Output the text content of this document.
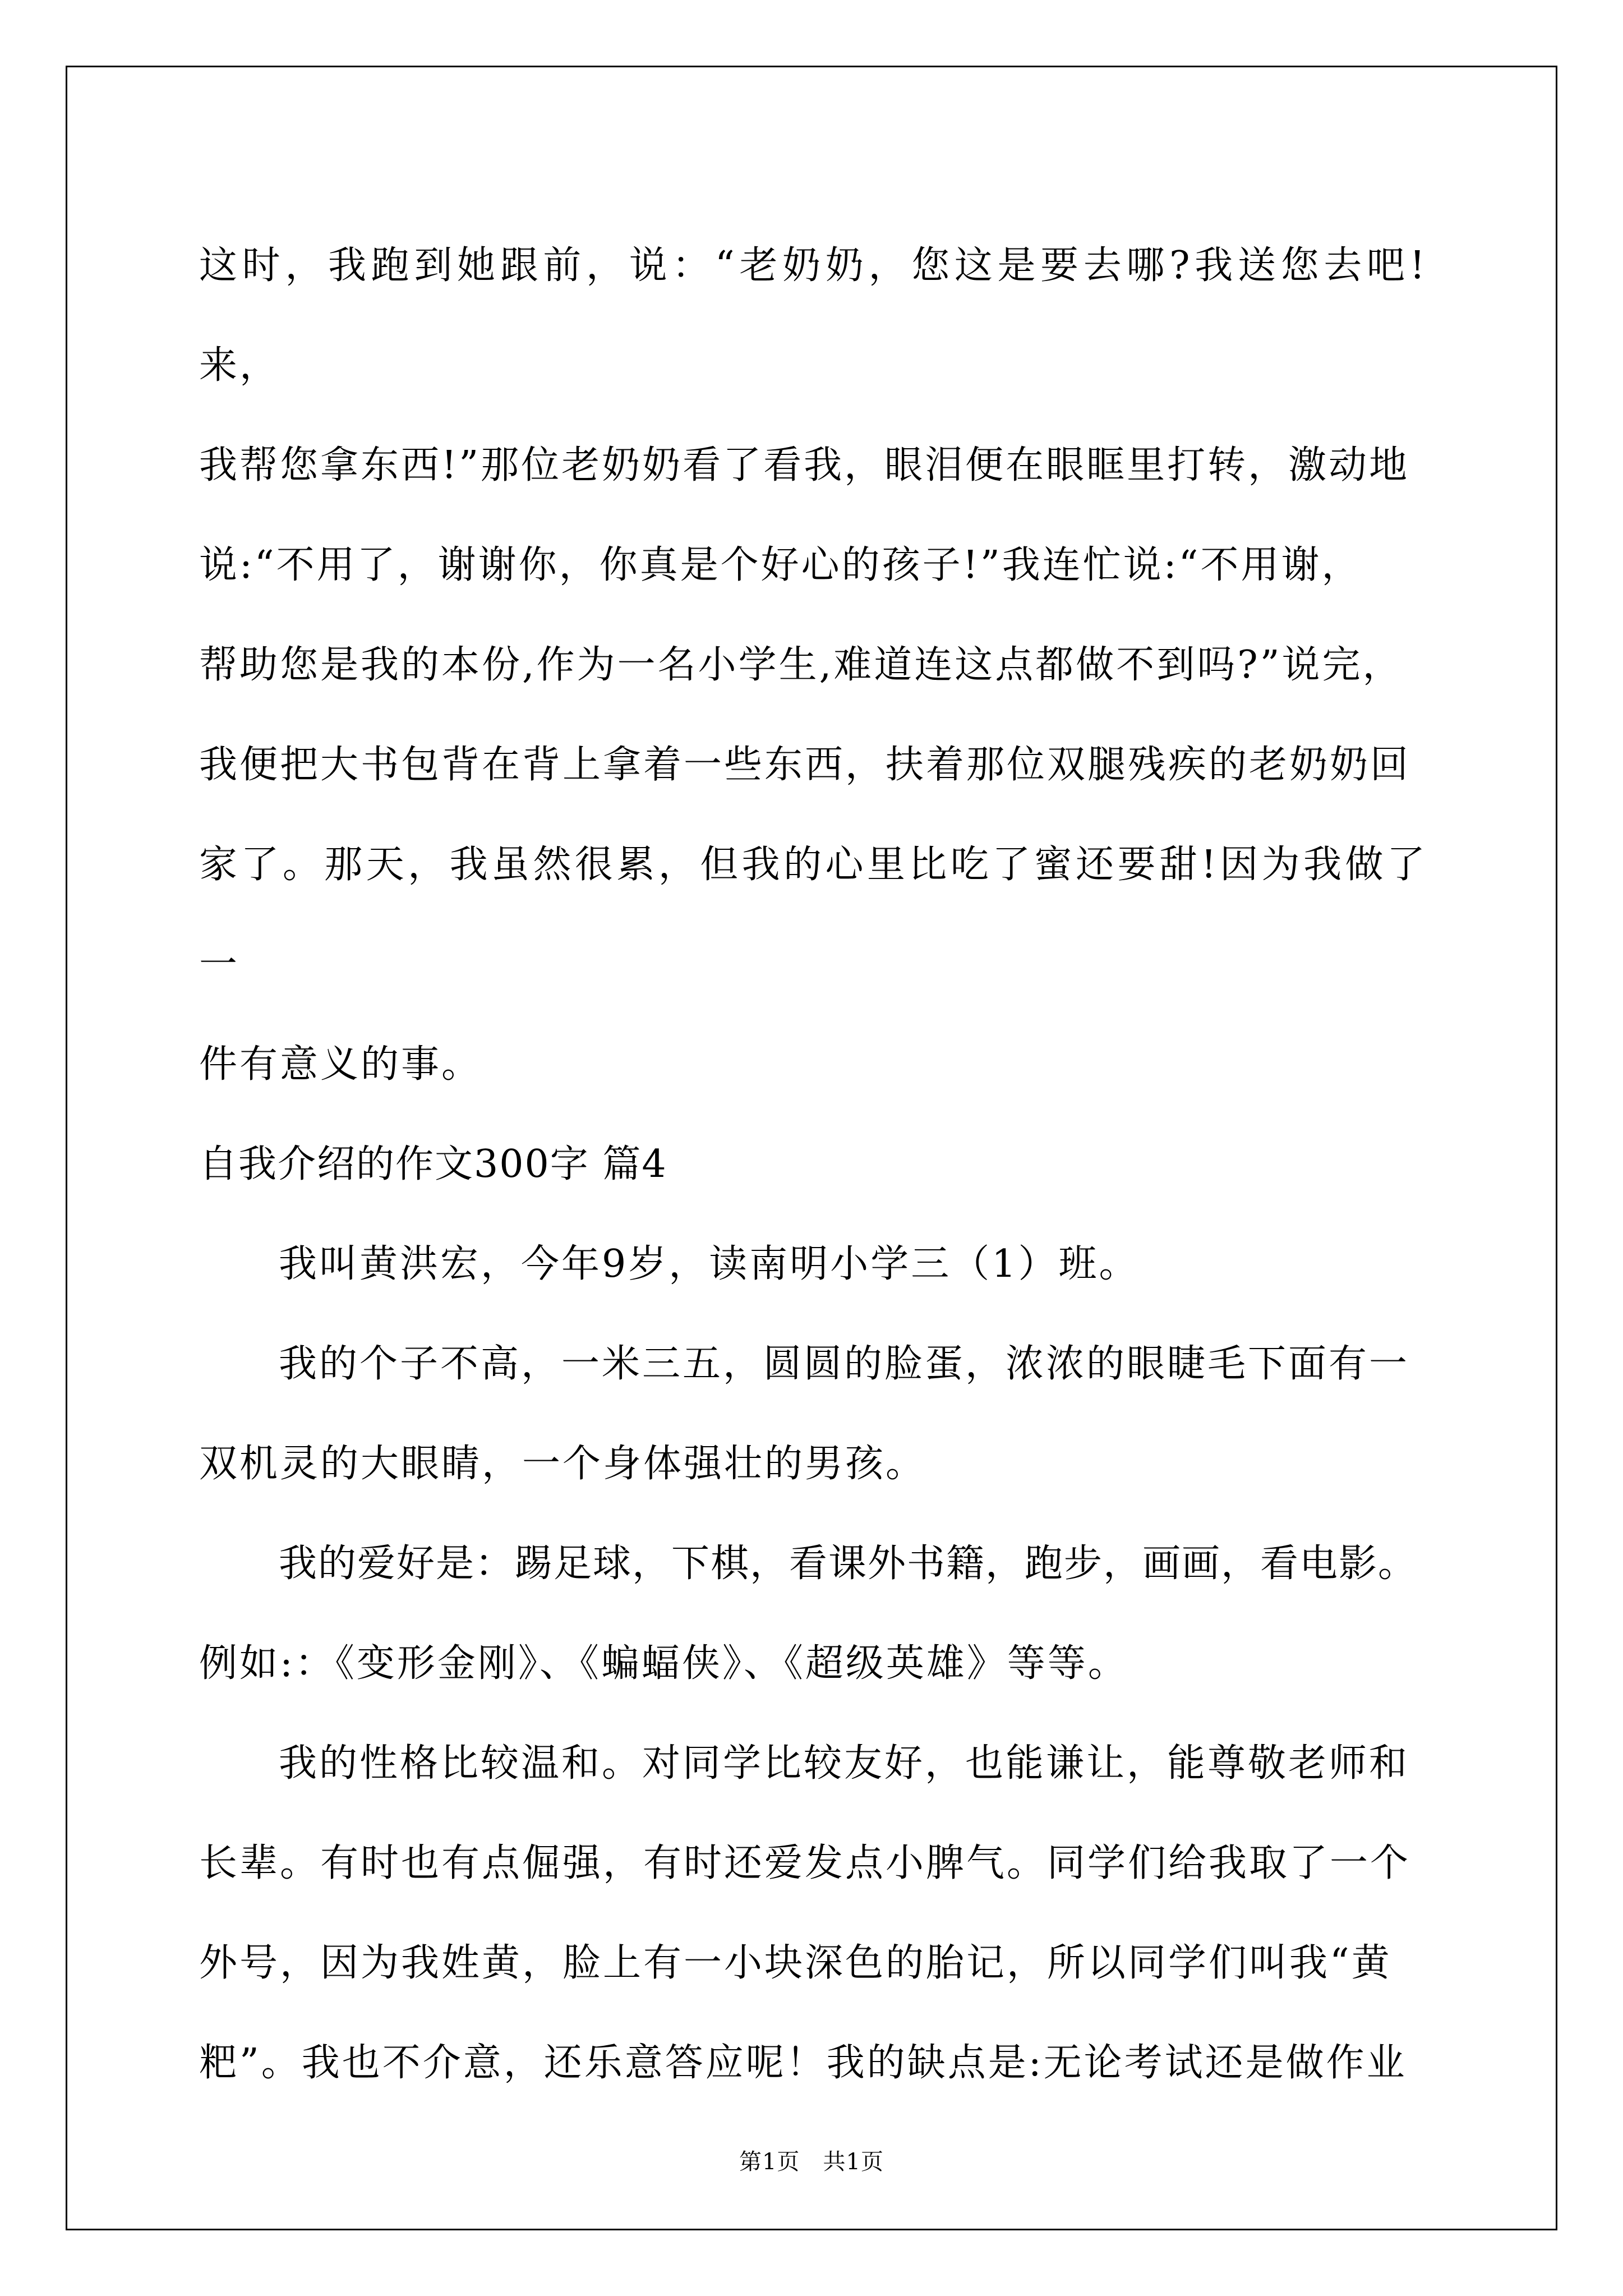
这时，我跑到她跟前，说：“老奶奶，您这是要去哪?我送您去吧!来，
我帮您拿东西!”那位老奶奶看了看我，眼泪便在眼眶里打转，激动地
说:“不用了，谢谢你，你真是个好心的孩子!”我连忙说:“不用谢，
帮助您是我的本份,作为一名小学生,难道连这点都做不到吗?”说完，
我便把大书包背在背上拿着一些东西，扶着那位双腿残疾的老奶奶回
家了。那天，我虽然很累，但我的心里比吃了蜜还要甜!因为我做了一
件有意义的事。
自我介绍的作文300字 篇4
我叫黄洪宏，今年9岁，读南明小学三（1）班。
我的个子不高，一米三五，圆圆的脸蛋，浓浓的眼睫毛下面有一
双机灵的大眼睛，一个身体强壮的男孩。
我的爱好是：踢足球，下棋，看课外书籍，跑步，画画，看电影。
例如:：《变形金刚》、《蝙蝠侠》、《超级英雄》等等。
我的性格比较温和。对同学比较友好，也能谦让，能尊敬老师和
长辈。有时也有点倔强，有时还爱发点小脾气。同学们给我取了一个
外号，因为我姓黄，脸上有一小块深色的胎记，所以同学们叫我“黄
粑”。我也不介意，还乐意答应呢！我的缺点是:无论考试还是做作业
第1页   共1页
